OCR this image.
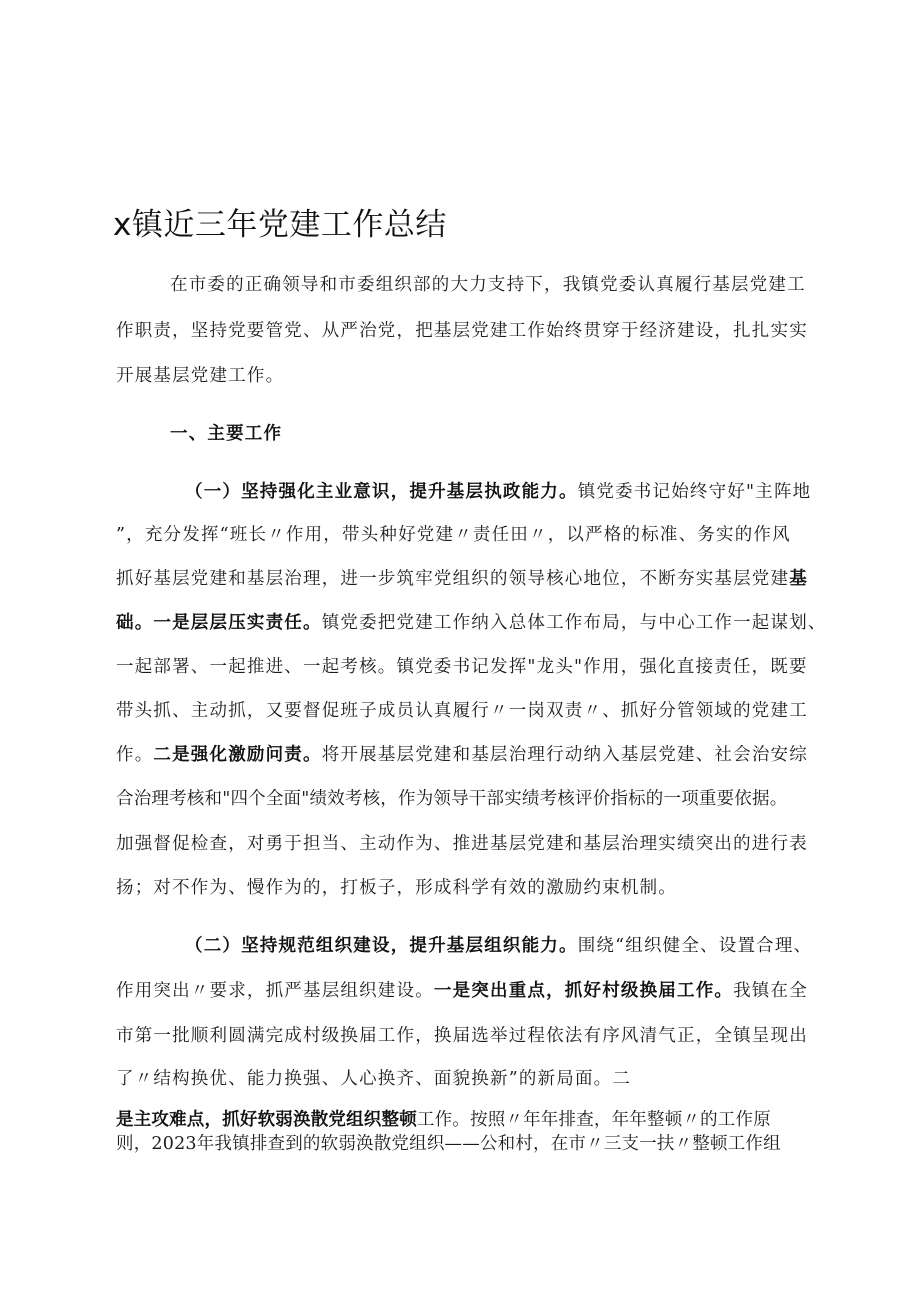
x镇近三年党建工作总结
在市委的正确领导和市委组织部的大力支持下，我镇党委认真履行基层党建工
作职责，坚持党要管党、从严治党，把基层党建工作始终贯穿于经济建设，扎扎实实
开展基层党建工作。
一、主要工作
（一）坚持强化主业意识，提升基层执政能力。镇党委书记始终守好"主阵地
”，充分发挥“班长〃作用，带头种好党建〃责任田〃，以严格的标准、务实的作风
抓好基层党建和基层治理，进一步筑牢党组织的领导核心地位，不断夯实基层党建基
础。一是层层压实责任。镇党委把党建工作纳入总体工作布局，与中心工作一起谋划、
一起部署、一起推进、一起考核。镇党委书记发挥"龙头"作用，强化直接责任，既要
带头抓、主动抓，又要督促班子成员认真履行〃一岗双责〃、抓好分管领域的党建工
作。二是强化激励问责。将开展基层党建和基层治理行动纳入基层党建、社会治安综
合治理考核和"四个全面"绩效考核，作为领导干部实绩考核评价指标的一项重要依据。
加强督促检查，对勇于担当、主动作为、推进基层党建和基层治理实绩突出的进行表
扬；对不作为、慢作为的，打板子，形成科学有效的激励约束机制。
（二）坚持规范组织建设，提升基层组织能力。围绕“组织健全、设置合理、
作用突出〃要求，抓严基层组织建设。一是突出重点，抓好村级换届工作。我镇在全
市第一批顺利圆满完成村级换届工作，换届选举过程依法有序风清气正，全镇呈现出
了〃结构换优、能力换强、人心换齐、面貌换新”的新局面。二
是主攻难点，抓好软弱涣散党组织整顿工作。按照〃年年排查，年年整顿〃的工作原
则，2023年我镇排查到的软弱涣散党组织——公和村，在市〃三支一扶〃整顿工作组
